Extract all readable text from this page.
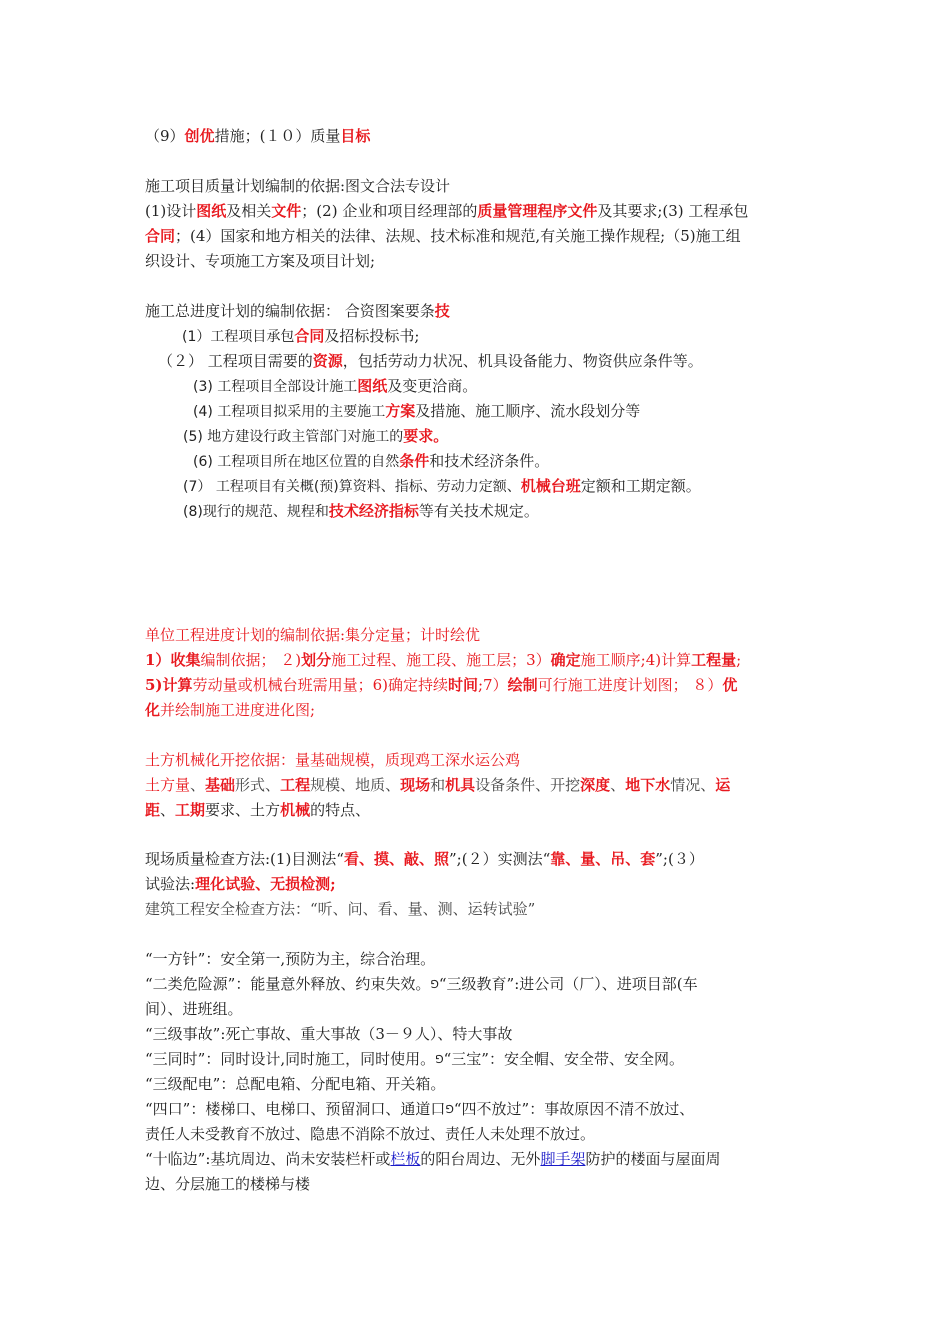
（9）创优措施；(１０）质量目标
施工项目质量计划编制的依据:图文合法专设计
(1)设计图纸及相关文件；(2) 企业和项目经理部的质量管理程序文件及其要求;(3) 工程承包
合同；(4）国家和地方相关的法律、法规、技术标准和规范,有关施工操作规程;（5)施工组
织设计、专项施工方案及项目计划;
施工总进度计划的编制依据： 合资图案要条技
(1）工程项目承包合同及招标投标书;
（２） 工程项目需要的资源，包括劳动力状况、机具设备能力、物资供应条件等。
(3) 工程项目全部设计施工图纸及变更洽商。
(4) 工程项目拟采用的主要施工方案及措施、施工顺序、流水段划分等
(5) 地方建设行政主管部门对施工的要求。
(6) 工程项目所在地区位置的自然条件和技术经济条件。
(7） 工程项目有关概(预)算资料、指标、劳动力定额、机械台班定额和工期定额。
(8)现行的规范、规程和技术经济指标等有关技术规定。
单位工程进度计划的编制依据:集分定量；计时绘优
1）收集编制依据； ２)划分施工过程、施工段、施工层；3）确定施工顺序;4)计算工程量;
5)计算劳动量或机械台班需用量；6)确定持续时间;7）绘制可行施工进度计划图； ８）优
化并绘制施工进度进化图;
土方机械化开挖依据：量基础规模，质现鸡工深水运公鸡
土方量、基础形式、工程规模、地质、现场和机具设备条件、开挖深度、地下水情况、运
距、工期要求、土方机械的特点、
现场质量检查方法:(1)目测法“看、摸、敲、照”;(２）实测法“靠、量、吊、套”;(３）
试验法:理化试验、无损检测;
建筑工程安全检查方法：“听、问、看、量、测、运转试验”
“一方针”：安全第一,预防为主，综合治理。
“二类危险源”：能量意外释放、约束失效。⅁“三级教育”:进公司（厂）、进项目部(车
间）、进班组。
“三级事故”:死亡事故、重大事故（3－９人）、特大事故
“三同时”：同时设计,同时施工，同时使用。⅁“三宝”：安全帽、安全带、安全网。
“三级配电”：总配电箱、分配电箱、开关箱。
“四口”：楼梯口、电梯口、预留洞口、通道口⅁“四不放过”：事故原因不清不放过、
责任人未受教育不放过、隐患不消除不放过、责任人未处理不放过。
“十临边”:基坑周边、尚未安装栏杆或栏板的阳台周边、无外脚手架防护的楼面与屋面周
边、分层施工的楼梯与楼
